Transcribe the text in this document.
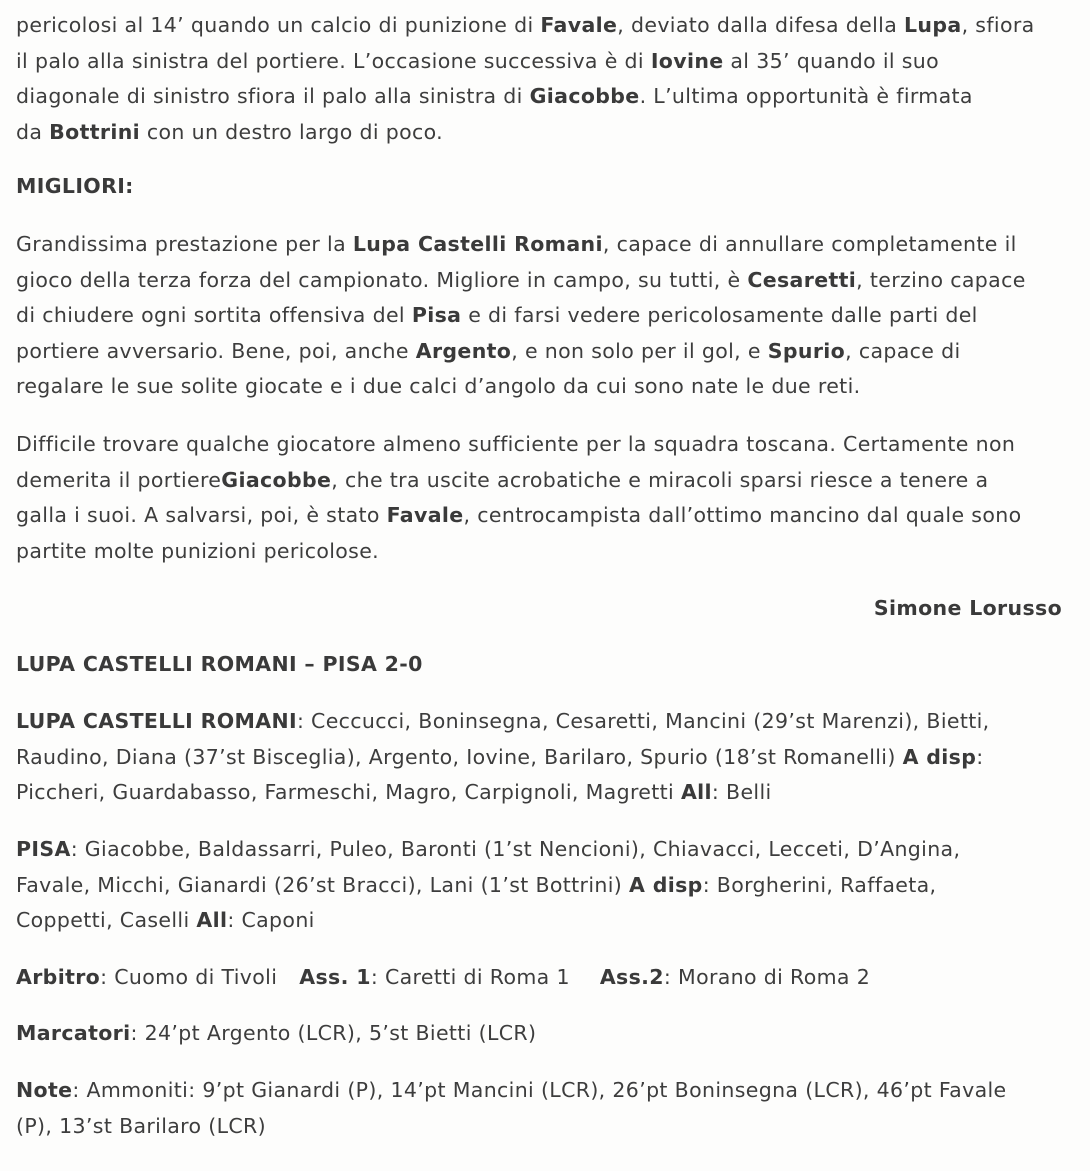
pericolosi al 14’ quando un calcio di punizione di Favale, deviato dalla difesa della Lupa, sfiora

il palo alla sinistra del portiere. L’occasione successiva è di Iovine al 35’ quando il suo

diagonale di sinistro sfiora il palo alla sinistra di Giacobbe. L’ultima opportunità è firmata

da Bottrini con un destro largo di poco.

MIGLIORI:

Grandissima prestazione per la Lupa Castelli Romani, capace di annullare completamente il

gioco della terza forza del campionato. Migliore in campo, su tutti, è Cesaretti, terzino capace

di chiudere ogni sortita offensiva del Pisa e di farsi vedere pericolosamente dalle parti del

portiere avversario. Bene, poi, anche Argento, e non solo per il gol, e Spurio, capace di

regalare le sue solite giocate e i due calci d’angolo da cui sono nate le due reti.

Difficile trovare qualche giocatore almeno sufficiente per la squadra toscana. Certamente non

demerita il portiereGiacobbe, che tra uscite acrobatiche e miracoli sparsi riesce a tenere a

galla i suoi. A salvarsi, poi, è stato Favale, centrocampista dall’ottimo mancino dal quale sono

partite molte punizioni pericolose.

Simone Lorusso

LUPA CASTELLI ROMANI – PISA 2-0

LUPA CASTELLI ROMANI: Ceccucci, Boninsegna, Cesaretti, Mancini (29’st Marenzi), Bietti,

Raudino, Diana (37’st Bisceglia), Argento, Iovine, Barilaro, Spurio (18’st Romanelli) A disp:

Piccheri, Guardabasso, Farmeschi, Magro, Carpignoli, Magretti All: Belli

PISA: Giacobbe, Baldassarri, Puleo, Baronti (1’st Nencioni), Chiavacci, Lecceti, D’Angina,

Favale, Micchi, Gianardi (26’st Bracci), Lani (1’st Bottrini) A disp: Borgherini, Raffaeta,

Coppetti, Caselli All: Caponi

Arbitro: Cuomo di Tivoli Ass. 1: Caretti di Roma 1 Ass.2: Morano di Roma 2

Marcatori: 24’pt Argento (LCR), 5’st Bietti (LCR)

Note: Ammoniti: 9’pt Gianardi (P), 14’pt Mancini (LCR), 26’pt Boninsegna (LCR), 46’pt Favale

(P), 13’st Barilaro (LCR)
